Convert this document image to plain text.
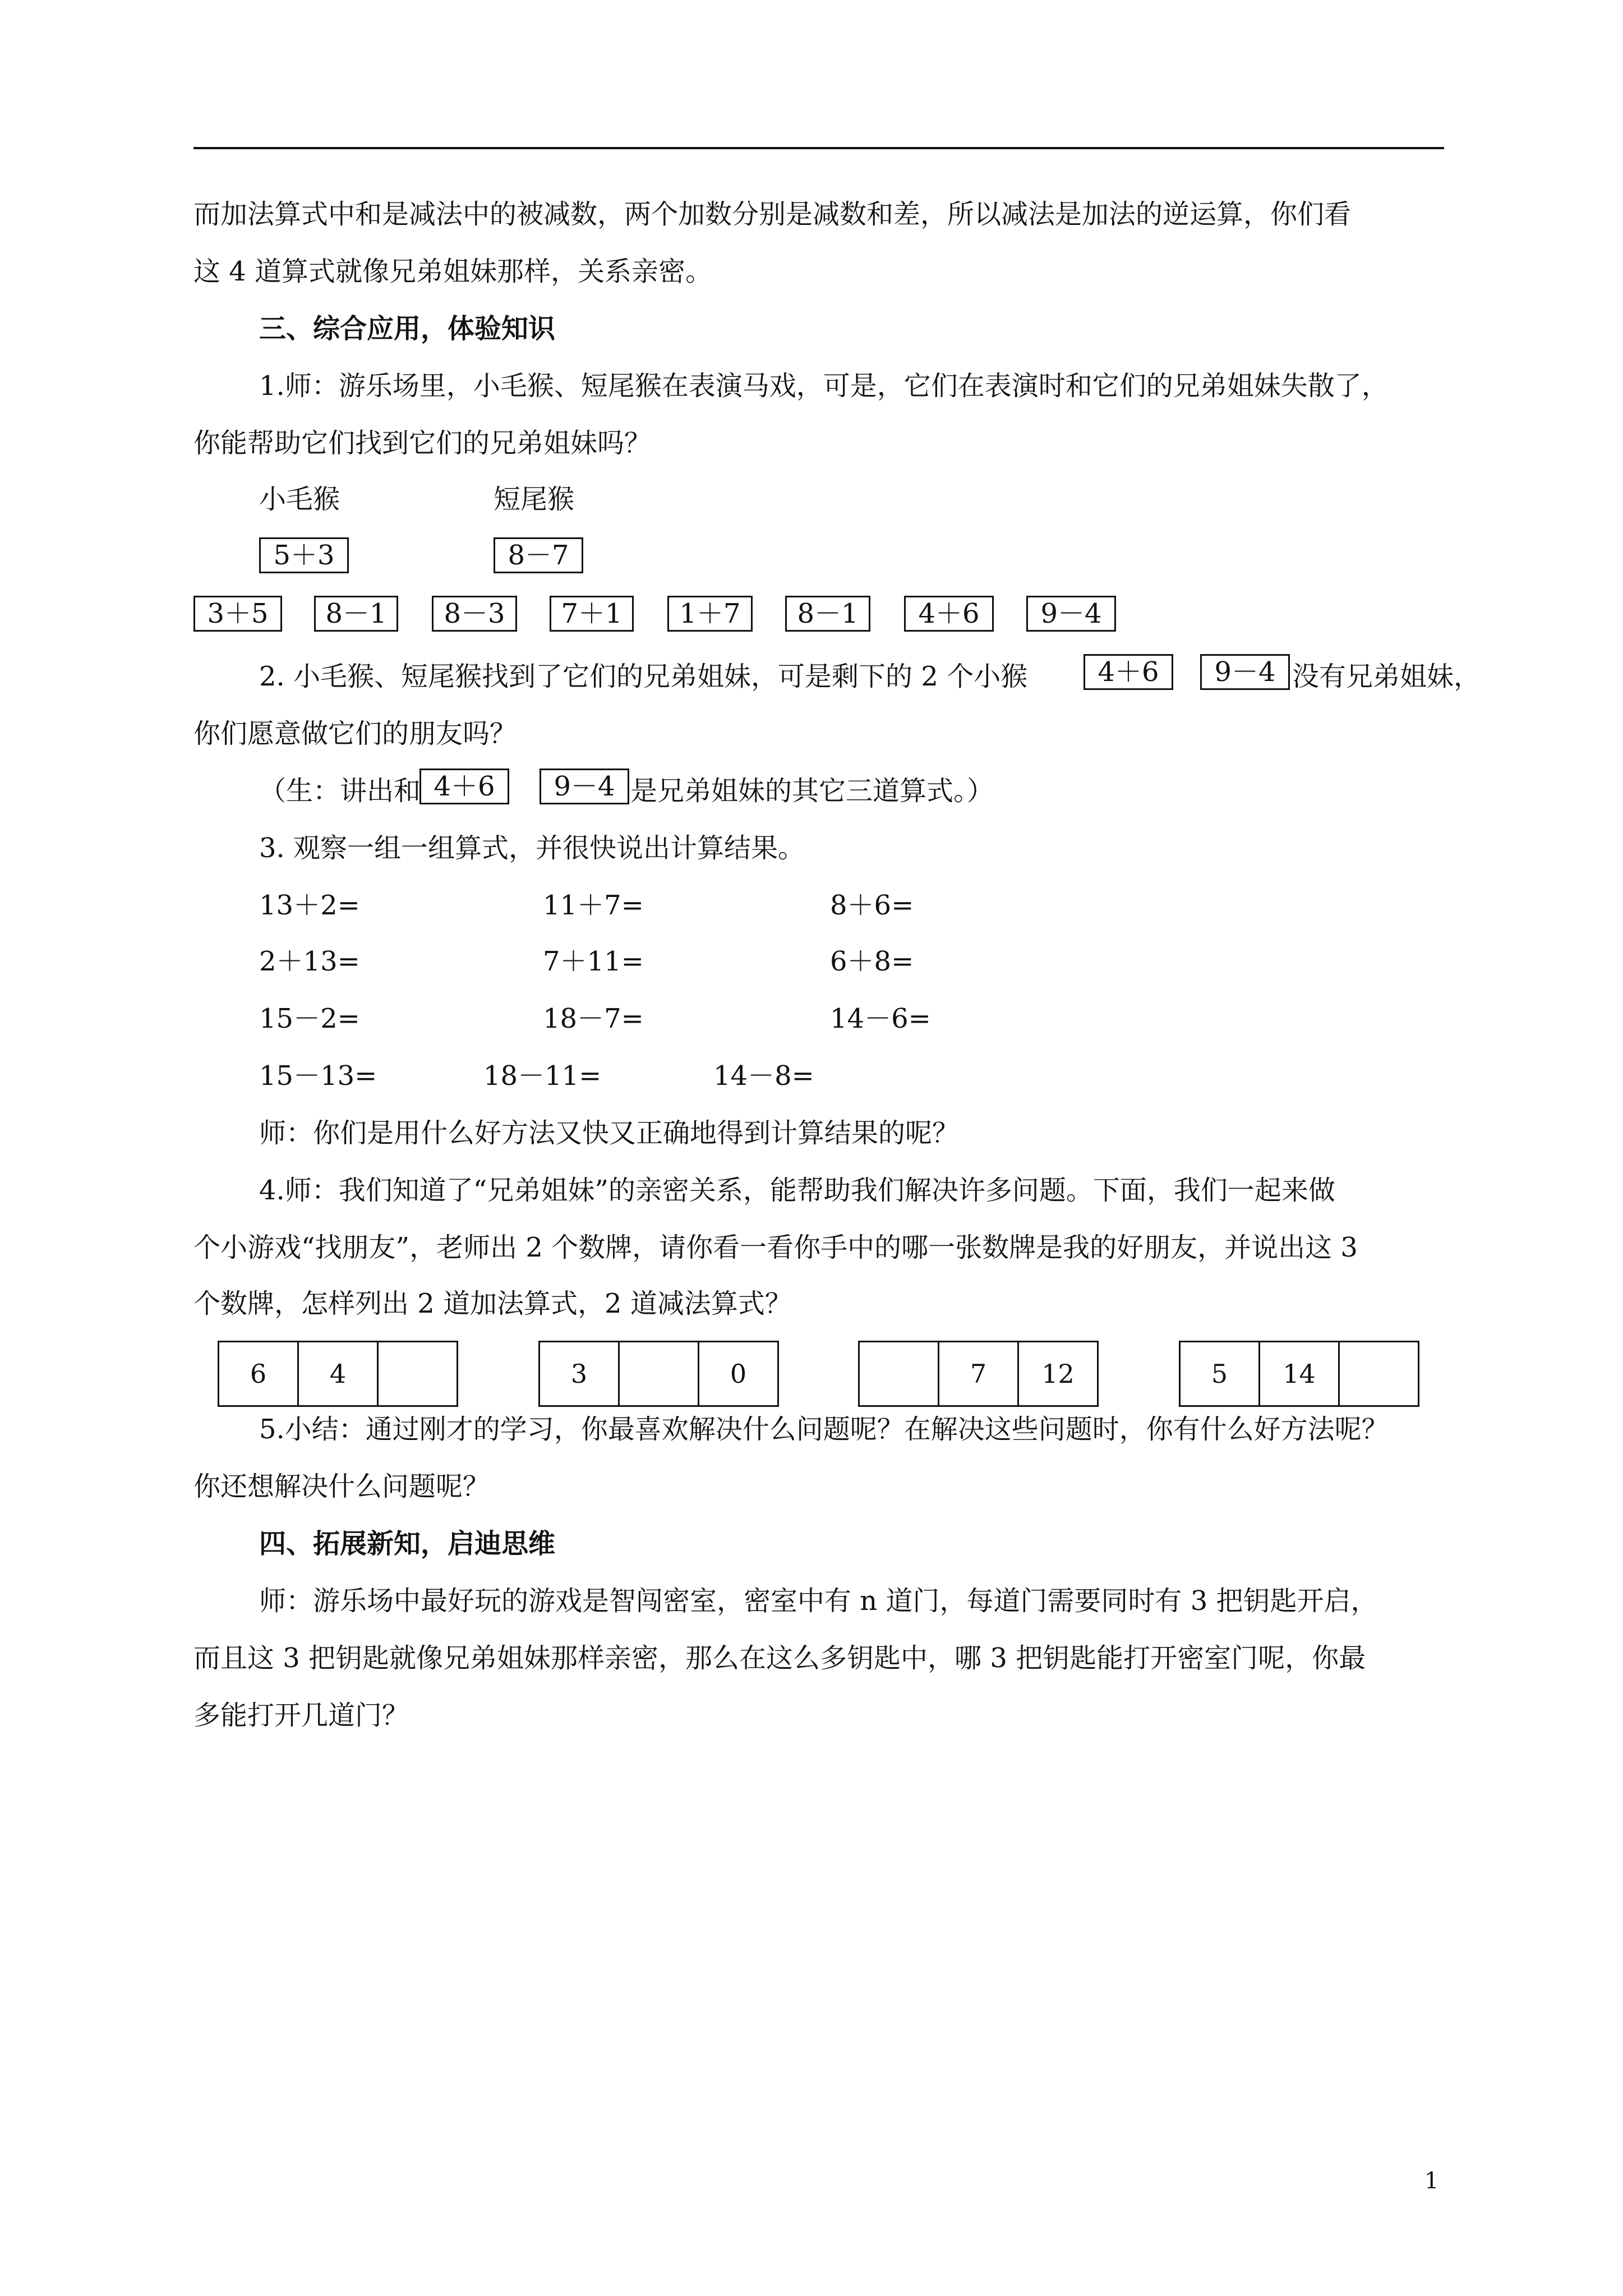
而加法算式中和是减法中的被减数，两个加数分别是减数和差，所以减法是加法的逆运算，你们看
这 4 道算式就像兄弟姐妹那样，关系亲密。
三、综合应用，体验知识
1.师：游乐场里，小毛猴、短尾猴在表演马戏，可是，它们在表演时和它们的兄弟姐妹失散了，
你能帮助它们找到它们的兄弟姐妹吗？
小毛猴	短尾猴
5＋3	8－7
3＋5	8－1	8－3	7＋1	1＋7	8－1	4＋6	9－4
2. 小毛猴、短尾猴找到了它们的兄弟姐妹，可是剩下的 2 个小猴	4＋6	9－4 没有兄弟姐妹，
你们愿意做它们的朋友吗？
（生：讲出和 4＋6	9－4 是兄弟姐妹的其它三道算式。）
3. 观察一组一组算式，并很快说出计算结果。
13＋2=	11＋7=	8＋6=
2＋13=	7＋11=	6＋8=
15－2=	18－7=	14－6=
15－13=	18－11=	14－8=
师：你们是用什么好方法又快又正确地得到计算结果的呢？
4.师：我们知道了“兄弟姐妹”的亲密关系，能帮助我们解决许多问题。下面，我们一起来做
个小游戏“找朋友”，老师出 2 个数牌，请你看一看你手中的哪一张数牌是我的好朋友，并说出这 3
个数牌，怎样列出 2 道加法算式，2 道减法算式？
6	4	3	0	7	12	5	14
5.小结：通过刚才的学习，你最喜欢解决什么问题呢？在解决这些问题时，你有什么好方法呢？
你还想解决什么问题呢？
四、拓展新知，启迪思维
师：游乐场中最好玩的游戏是智闯密室，密室中有 n 道门，每道门需要同时有 3 把钥匙开启，
而且这 3 把钥匙就像兄弟姐妹那样亲密，那么在这么多钥匙中，哪 3 把钥匙能打开密室门呢，你最
多能打开几道门？
1
